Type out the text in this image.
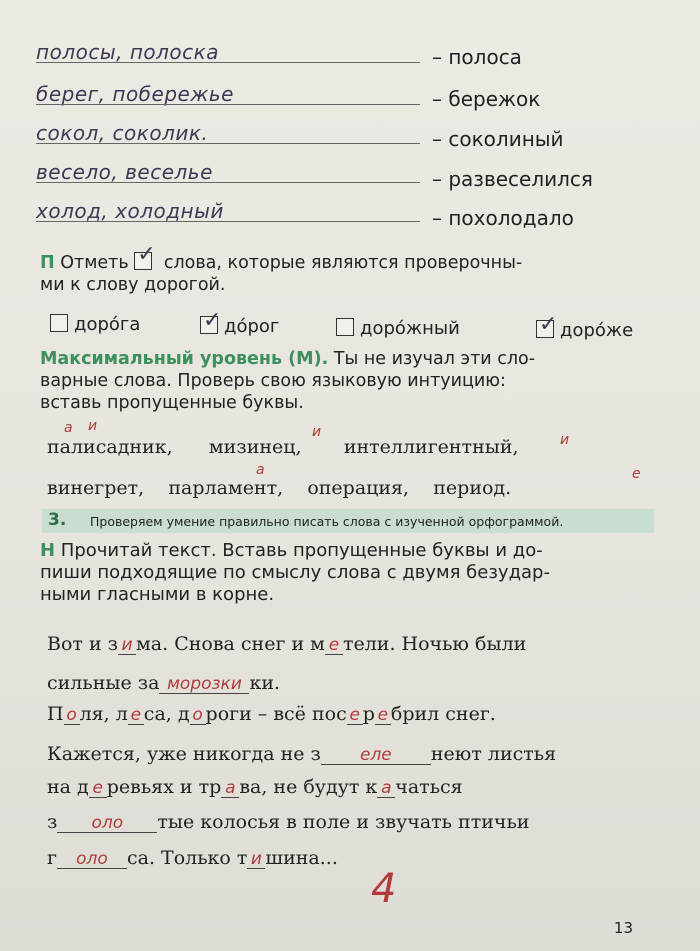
полосы, полоска	– полоса
берег, побережье	– бережок
сокол, соколик.	– соколиный
весело, веселье	– развеселился
холод, холодный	– похолодало
П Отметь ✓ слова, которые являются проверочны-
ми к слову дорогой.
дорóга	✓ дóрог	дорóжный	✓ дорóже
Максимальный уровень (М). Ты не изучал эти сло-
варные слова. Проверь свою языковую интуицию:
вставь пропущенные буквы.
палисадник, мизинец, интеллигентный,
винегрет, парламент, операция, период.
а и	и	и
а	е
3. Проверяем умение правильно писать слова с изученной орфограммой.
Н Прочитай текст. Вставь пропущенные буквы и до-
пиши подходящие по смыслу слова с двумя безудар-
ными гласными в корне.
Вот и з и ма. Снова снег и м е тели. Ночью были
сильные за морозки ки.
П о ля, л е са, д о роги – всё пос е р е брил снег.
Кажется, уже никогда не з еле неют листья
на д е ревьях и тр а ва, не будут к а чаться
з оло тые колосья в поле и звучать птичьи
г оло са. Только т и шина...
4
13
